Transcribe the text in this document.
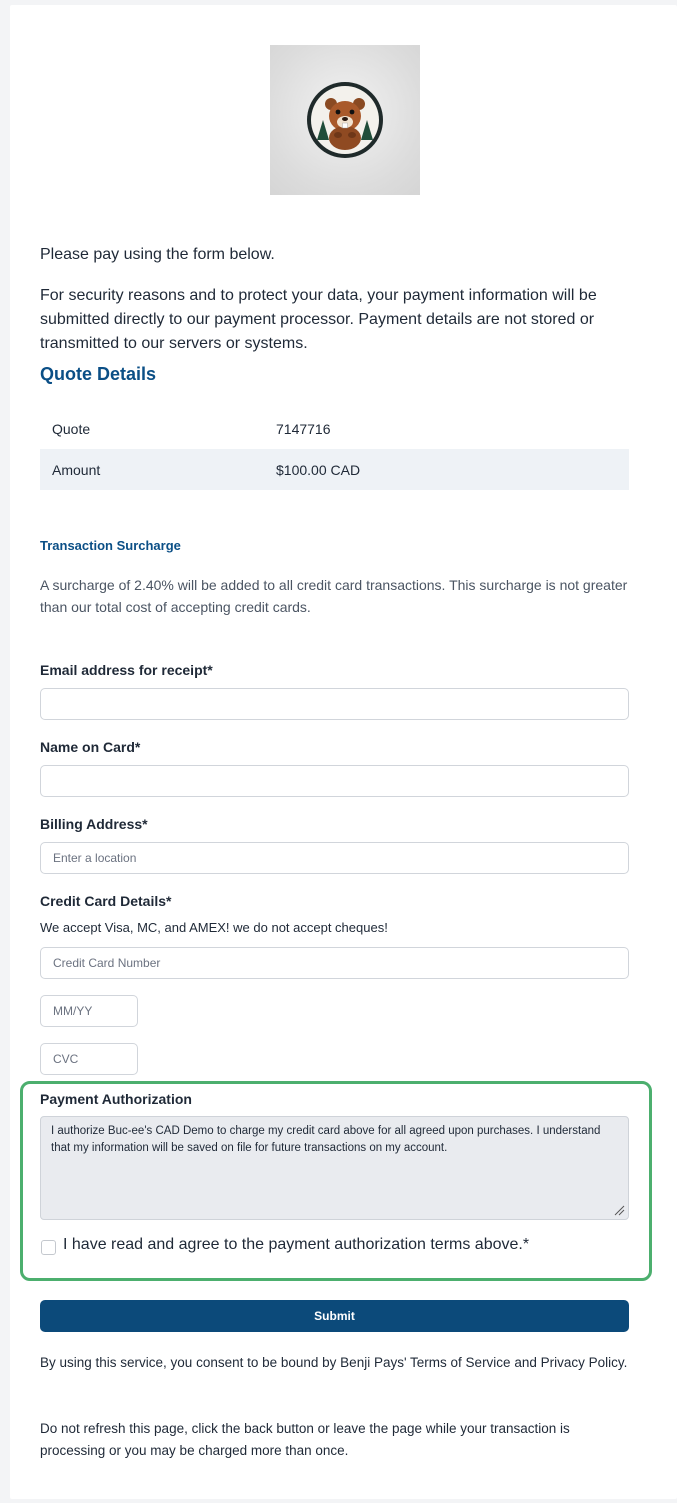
Please pay using the form below.

For security reasons and to protect your data, your payment information will be submitted directly to our payment processor. Payment details are not stored or transmitted to our servers or systems.

Quote Details
Quote	7147716
Amount	$100.00 CAD
Transaction Surcharge

A surcharge of 2.40% will be added to all credit card transactions. This surcharge is not greater than our total cost of accepting credit cards.

Email address for receipt*

Name on Card*

Billing Address*

Enter a location

Credit Card Details*

We accept Visa, MC, and AMEX! we do not accept cheques!

Credit Card Number
MM/YY
CVC

Payment Authorization

I authorize Buc-ee's CAD Demo to charge my credit card above for all agreed upon purchases. I understand that my information will be saved on file for future transactions on my account.

I have read and agree to the payment authorization terms above.*

Submit

By using this service, you consent to be bound by Benji Pays' Terms of Service and Privacy Policy.

Do not refresh this page, click the back button or leave the page while your transaction is processing or you may be charged more than once.
